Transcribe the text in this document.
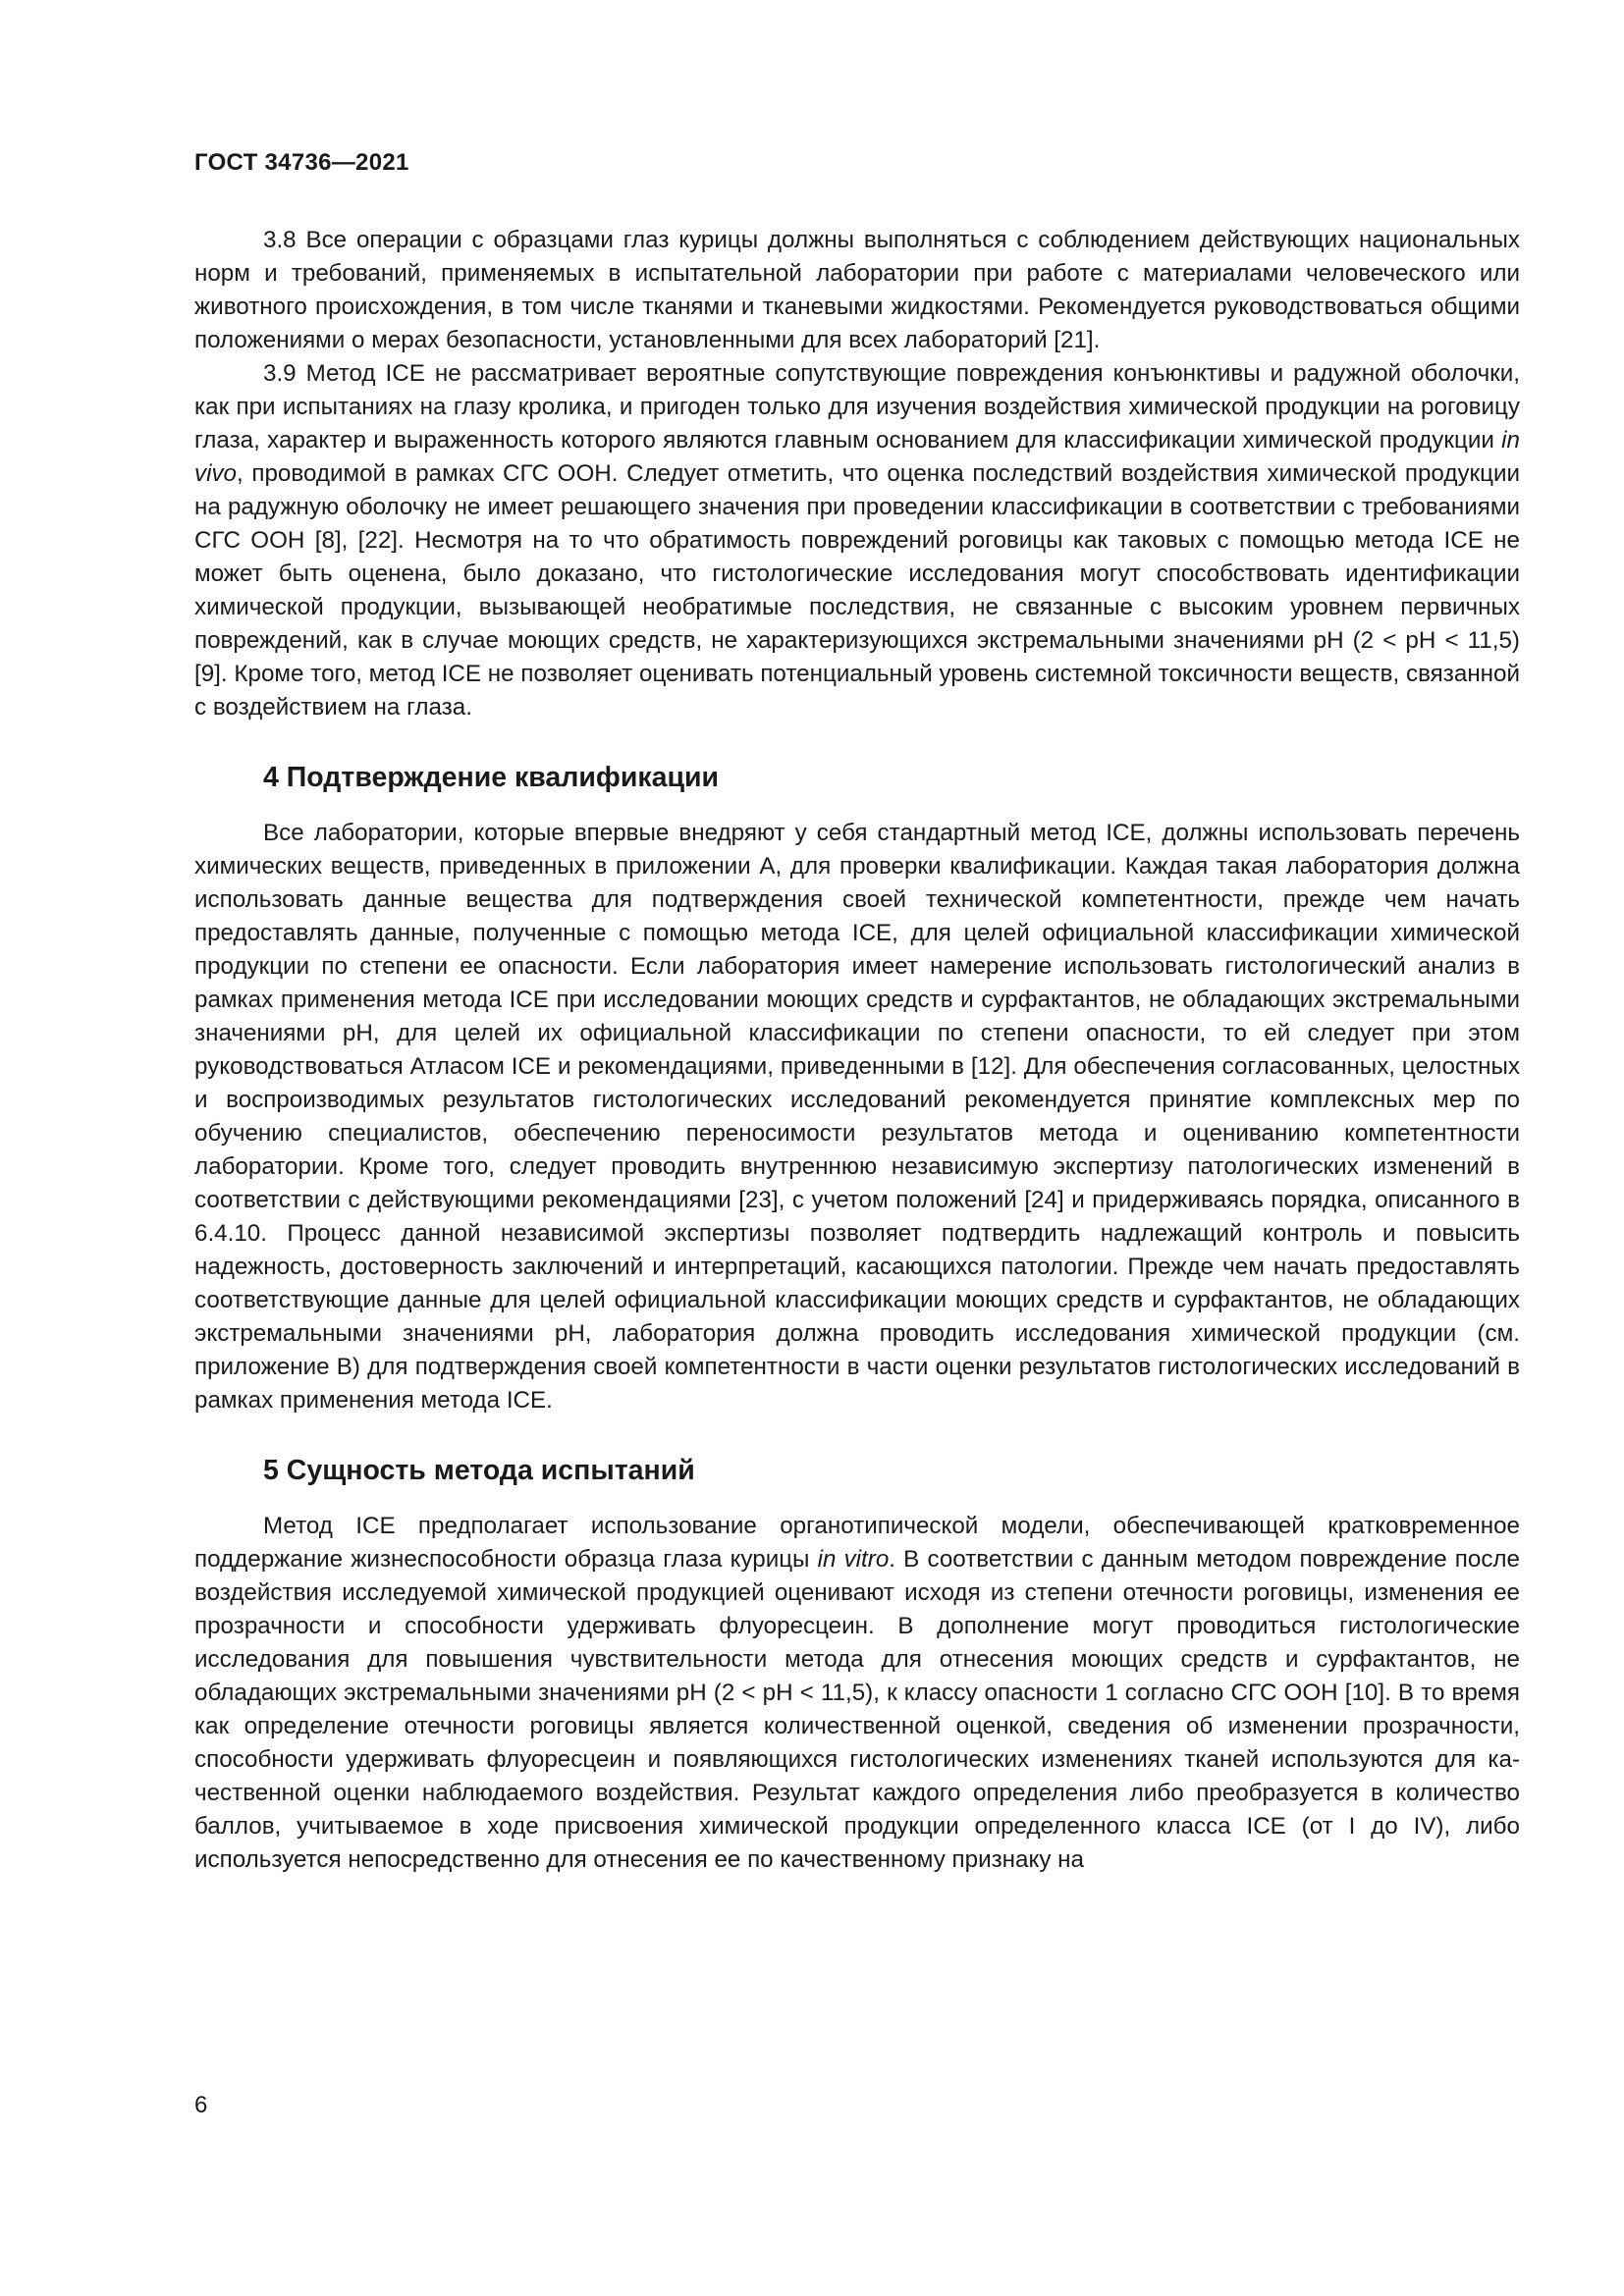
ГОСТ 34736—2021

3.8 Все операции с образцами глаз курицы должны выполняться с соблюдением действующих национальных норм и требований, применяемых в испытательной лаборатории при работе с материалами человеческого или животного происхождения, в том числе тканями и тканевыми жидкостями. Рекомендуется руководствоваться общими положениями о мерах безопасности, установленными для всех лабораторий [21].

3.9 Метод ICE не рассматривает вероятные сопутствующие повреждения конъюнктивы и радужной оболочки, как при испытаниях на глазу кролика, и пригоден только для изучения воздействия химической продукции на роговицу глаза, характер и выраженность которого являются главным основанием для классификации химической продукции in vivo, проводимой в рамках СГС ООН. Следует отметить, что оценка последствий воздействия химической продукции на радужную оболочку не имеет решающего значения при проведении классификации в соответствии с требованиями СГС ООН [8], [22]. Несмотря на то что обратимость повреждений роговицы как таковых с помощью метода ICE не может быть оценена, было доказано, что гистологические исследования могут способствовать идентификации химической продукции, вызывающей необратимые последствия, не связанные с высоким уровнем первичных повреждений, как в случае моющих средств, не характеризующихся экстремальными значениями pH (2 < pH < 11,5) [9]. Кроме того, метод ICE не позволяет оценивать потенциальный уровень системной токсичности веществ, связанной с воздействием на глаза.

4 Подтверждение квалификации

Все лаборатории, которые впервые внедряют у себя стандартный метод ICE, должны использовать перечень химических веществ, приведенных в приложении А, для проверки квалификации. Каждая такая лаборатория должна использовать данные вещества для подтверждения своей технической компетентности, прежде чем начать предоставлять данные, полученные с помощью метода ICE, для целей официальной классификации химической продукции по степени ее опасности. Если лаборатория имеет намерение использовать гистологический анализ в рамках применения метода ICE при исследовании моющих средств и сурфактантов, не обладающих экстремальными значениями pH, для целей их официальной классификации по степени опасности, то ей следует при этом руководствоваться Атласом ICE и рекомендациями, приведенными в [12]. Для обеспечения согласованных, целостных и воспроизводимых результатов гистологических исследований рекомендуется принятие комплексных мер по обучению специалистов, обеспечению переносимости результатов метода и оцениванию компетентности лаборатории. Кроме того, следует проводить внутреннюю независимую экспертизу патологических изменений в соответствии с действующими рекомендациями [23], с учетом положений [24] и придерживаясь порядка, описанного в 6.4.10. Процесс данной независимой экспертизы позволяет подтвердить надлежащий контроль и повысить надежность, достоверность заключений и интерпретаций, касающихся патологии. Прежде чем начать предоставлять соответствующие данные для целей официальной классификации моющих средств и сурфактантов, не обладающих экстремальными значениями pH, лаборатория должна проводить исследования химической продукции (см. приложение В) для подтверждения своей компетентности в части оценки результатов гистологических исследований в рамках применения метода ICE.

5 Сущность метода испытаний

Метод ICE предполагает использование органотипической модели, обеспечивающей кратковременное поддержание жизнеспособности образца глаза курицы in vitro. В соответствии с данным методом повреждение после воздействия исследуемой химической продукцией оценивают исходя из степени отечности роговицы, изменения ее прозрачности и способности удерживать флуоресцеин. В дополнение могут проводиться гистологические исследования для повышения чувствительности метода для отнесения моющих средств и сурфактантов, не обладающих экстремальными значениями pH (2 < pH < 11,5), к классу опасности 1 согласно СГС ООН [10]. В то время как определение отечности роговицы является количественной оценкой, сведения об изменении прозрачности, способности удерживать флуоресцеин и появляющихся гистологических изменениях тканей используются для качественной оценки наблюдаемого воздействия. Результат каждого определения либо преобразуется в количество баллов, учитываемое в ходе присвоения химической продукции определенного класса ICE (от I до IV), либо используется непосредственно для отнесения ее по качественному признаку на

6
